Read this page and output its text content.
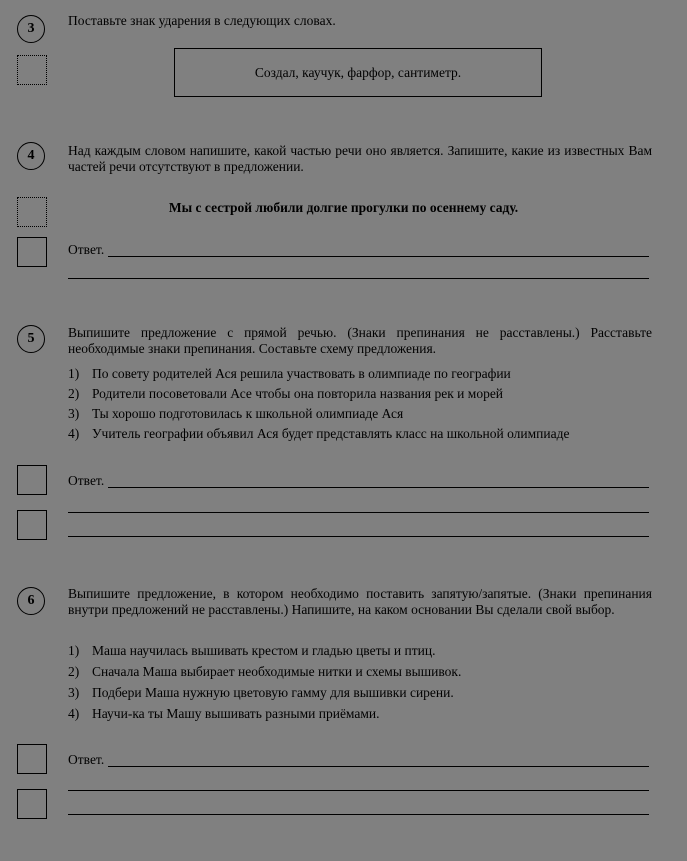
3
Поставьте знак ударения в следующих словах.
Создал, каучук, фарфор, сантиметр.
4	Над каждым словом напишите, какой частью речи оно является. Запишите, какие из известных Вам частей речи отсутствуют в предложении.
Мы с сестрой любили долгие прогулки по осеннему саду.
Ответ.
5	Выпишите предложение с прямой речью. (Знаки препинания не расставлены.) Расставьте необходимые знаки препинания. Составьте схему предложения.
1) По совету родителей Ася решила участвовать в олимпиаде по географии
2) Родители посоветовали Асе чтобы она повторила названия рек и морей
3) Ты хорошо подготовилась к школьной олимпиаде Ася
4) Учитель географии объявил Ася будет представлять класс на школьной олимпиаде
Ответ.
6	Выпишите предложение, в котором необходимо поставить запятую/запятые. (Знаки препинания внутри предложений не расставлены.) Напишите, на каком основании Вы сделали свой выбор.
1) Маша научилась вышивать крестом и гладью цветы и птиц.
2) Сначала Маша выбирает необходимые нитки и схемы вышивок.
3) Подбери Маша нужную цветовую гамму для вышивки сирени.
4) Научи-ка ты Машу вышивать разными приёмами.
Ответ.
